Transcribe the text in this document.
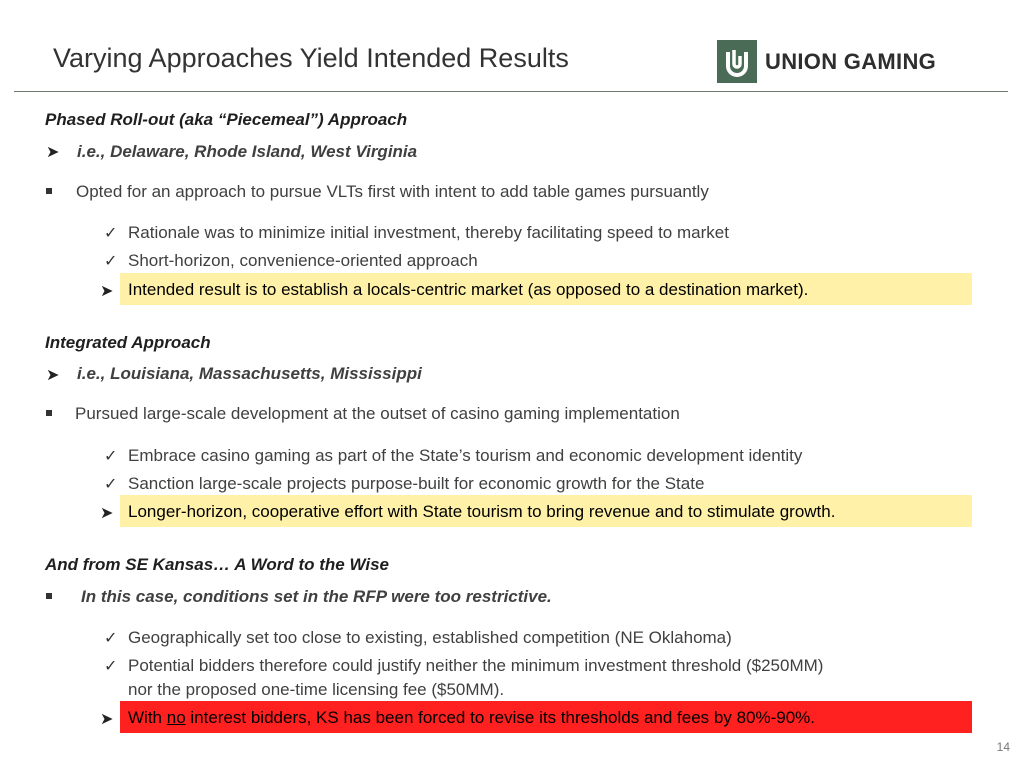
Varying Approaches Yield Intended Results	UNION GAMING
Phased Roll-out (aka “Piecemeal”) Approach
➤ i.e., Delaware, Rhode Island, West Virginia
Opted for an approach to pursue VLTs first with intent to add table games pursuantly
✓ Rationale was to minimize initial investment, thereby facilitating speed to market
✓ Short-horizon, convenience-oriented approach
➤ Intended result is to establish a locals-centric market (as opposed to a destination market).
Integrated Approach
➤ i.e., Louisiana, Massachusetts, Mississippi
Pursued large-scale development at the outset of casino gaming implementation
✓ Embrace casino gaming as part of the State’s tourism and economic development identity
✓ Sanction large-scale projects purpose-built for economic growth for the State
➤ Longer-horizon, cooperative effort with State tourism to bring revenue and to stimulate growth.
And from SE Kansas… A Word to the Wise
In this case, conditions set in the RFP were too restrictive.
✓ Geographically set too close to existing, established competition (NE Oklahoma)
✓ Potential bidders therefore could justify neither the minimum investment threshold ($250MM)
nor the proposed one-time licensing fee ($50MM).
➤ With no interest bidders, KS has been forced to revise its thresholds and fees by 80%-90%.
14
